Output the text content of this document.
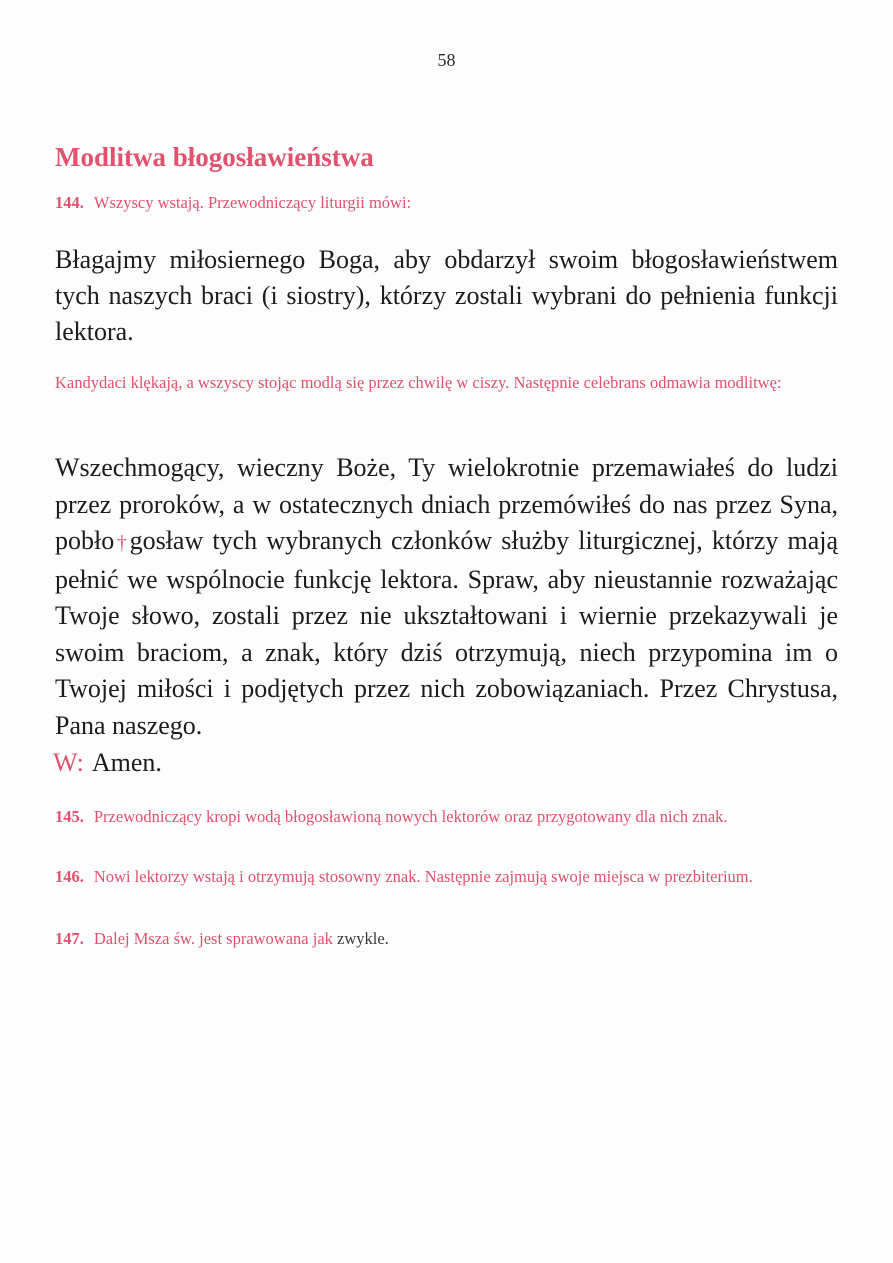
58
Modlitwa błogosławieństwa
144. Wszyscy wstają. Przewodniczący liturgii mówi:
Błagajmy miłosiernego Boga, aby obdarzył swoim błogosławieństwem tych naszych braci (i siostry), którzy zostali wybrani do pełnienia funkcji lektora.
Kandydaci klękają, a wszyscy stojąc modlą się przez chwilę w ciszy. Następnie celebrans odmawia modlitwę:
Wszechmogący, wieczny Boże, Ty wielokrotnie przemawiałeś do ludzi przez proroków, a w ostatecznych dniach przemówiłeś do nas przez Syna, pobło†gosław tych wybranych członków służby liturgicznej, którzy mają pełnić we wspólnocie funkcję lektora. Spraw, aby nieustannie rozważając Twoje słowo, zostali przez nie ukształtowani i wiernie przekazywali je swoim braciom, a znak, który dziś otrzymują, niech przypomina im o Twojej miłości i podjętych przez nich zobowiązaniach. Przez Chrystusa, Pana naszego.
W: Amen.
145. Przewodniczący kropi wodą błogosławioną nowych lektorów oraz przygotowany dla nich znak.
146. Nowi lektorzy wstają i otrzymują stosowny znak. Następnie zajmują swoje miejsca w prezbiterium.
147. Dalej Msza św. jest sprawowana jak zwykle.
